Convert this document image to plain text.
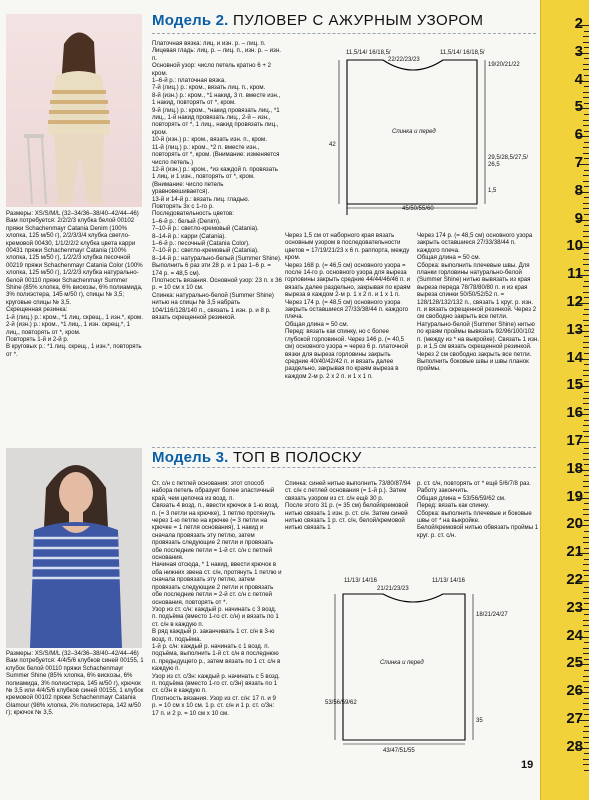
2
3
4
5
6
7
8
9
10
11
12
13
14
15
16
17
18
19
20
21
22
23
24
25
26
27
28
Модель 2. ПУЛОВЕР С АЖУРНЫМ УЗОРОМ
Размеры: XS/S/M/L (32–34/36–38/40–42/44–46)
Вам потребуется: 2/2/2/3 клубка белой 00102 пряжи Schachenmayr Catania Denim (100% хлопка, 125 м/50 г), 2/2/3/3/4 клубка светло-кремовой 00430, 1/1/2/2/2 клубка цвета карри 00431 пряжи Schachenmayr Catania (100% хлопка, 125 м/50 г), 1/2/2/3 клубка песочной 00219 пряжи Schachenmayr Catania Color (100% хлопка, 125 м/50 г), 1/2/2/3 клубка натурально-белой 00110 пряжи Schachenmayr Summer Shine (85% хлопка, 6% вискозы, 6% полиамида, 3% полиэстера, 145 м/50 г), спицы № 3,5; круговые спицы № 3,5.
Скрещенная резинка:
1-й (лиц.) р.: кром., *1 лиц. скрещ., 1 изн.*, кром.
2-й (изн.) р.: кром., *1 лиц., 1 изн. скрещ.*, 1 лиц., повторять от *, кром.
Повторять 1-й и 2-й р.
В круговых р.: *1 лиц. скрещ., 1 изн.*, повторять от *.
Платочная вязка: лиц. и изн. р. – лиц. п.
Лицевая гладь: лиц. р. – лиц. п., изн. р. – изн. п.
Основной узор: число петель кратно 6 + 2 кром.
1–6-й р.: платочная вязка.
7-й (лиц.) р.: кром., вязать лиц. п., кром.
8-й (изн.) р.: кром., *1 накид, 3 п. вместе изн., 1 накид, повторять от *, кром.
9-й (лиц.) р.: кром., *накид провязать лиц., *1 лиц., 1-й накид провязать лиц., 2-й – изн., повторять от *, 1 лиц., накид провязать лиц., кром.
10-й (изн.) р.: кром., вязать изн. п., кром.
11-й (лиц.) р.: кром., *2 п. вместе изн., повторять от *, кром. (Внимание: изменяется число петель.)
12-й (изн.) р.: кром., *из каждой п. провязать 1 лиц. и 1 изн., повторять от *, кром. (Внимание: число петель уравновешивается).
13-й и 14-й р.: вязать лиц. гладью.
Повторять 3х с 1-го р.
Последовательность цветов:
1–6-й р.: белый (Denim).
7–10-й р.: светло-кремовый (Catania).
8–14-й р.: карри (Catania).
1–6-й р.: песочный (Catania Color).
7–10-й р.: светло-кремовый (Catania).
8–14-й р.: натурально-белый (Summer Shine).
Выполнить 6 раз эти 28 р. и 1 раз 1–6 р. = 174 р. = 48,5 см).
Плотность вязания. Основной узор: 23 п. х 36 р. = 10 см х 10 см.
Спинка: натурально-белой (Summer Shine) нитью на спицы № 3,5 набрать 104/116/128/140 п., связать 1 изн. р. и 8 р. вязать скрещенной резинкой.
11,5/14/ 16/18,5/
22/22/23/23
11,5/14/ 16/18,5/
42
Спинка и перед
45/50/55/60
19/20/21/22
29,5/28,5/27,5/ 26,5
1,5
Через 1,5 см от наборного края вязать основным узором в последовательности цветов = 17/19/21/23 х 6 п. раппорта, между кром.
Через 168 р. (= 46,5 см) основного узора = после 14-го р. основного узора для выреза горловины закрыть средние 44/44/46/46 п. и вязать далее раздельно, закрывая по краям выреза в каждом 2-м р. 1 х 2 п. и 1 х 1 п.
Через 174 р. (= 48,5 см) основного узора закрыть оставшиеся 27/33/38/44 п. каждого плеча.
Общая длина = 50 см.
Перед: вязать как спинку, но с более глубокой горловиной. Через 146 р. (= 40,5 см) основного узора = через 6 р. платочной вязки для выреза горловины закрыть средние 40/40/42/42 п. и вязать далее раздельно, закрывая по краям выреза в каждом 2-м р. 2 х 2 п. и 1 х 1 п.
Через 174 р. (= 48,5 см) основного узора закрыть оставшиеся 27/33/38/44 п. каждого плеча.
Общая длина = 50 см.
Сборка: выполнить плечевые швы. Для планки горловины натурально-белой (Summer Shine) нитью вывязать из края выреза переда 78/78/80/80 п. и из края выреза спинки 50/50/52/52 п. = 128/128/132/132 п., связать 1 круг. р. изн. п. и вязать скрещенной резинкой. Через 2 см свободно закрыть все петли.
Натурально-белой (Summer Shine) нитью по краям проймы вывязать 92/96/100/102 п. (между из * на выкройке). Связать 1 изн. р. и 1,5 см вязать скрещенной резинкой. Через 2 см свободно закрыть все петли.
Выполнить боковые швы и швы планок проймы.
Модель 3. ТОП В ПОЛОСКУ
Размеры: XS/S/M/L (32–34/36–38/40–42/44–46)
Вам потребуется: 4/4/5/6 клубков синей 00155, 1 клубок белой 00110 пряжи Schachenmayr Summer Shine (85% хлопка, 6% вискозы, 6% полиамида, 3% полиэстера, 145 м/50 г), крючок № 3,5 или 4/4/5/6 клубков синей 00155, 1 клубок кремовой 00102 пряжи Schachenmayr Catania Glamour (98% хлопка, 2% полиэстера, 142 м/50 г); крючок № 3,5.
Ст. с/н с петлей основания: этот способ набора петель образует более эластичный край, чем цепочка из возд. п.
Связать 4 возд. п., ввести крючок в 1-ю возд. п. (= 3 петли на крючке), 1 петлю протянуть через 1-ю петлю на крючке (= 3 петли на крючке = 1 петля основания), 1 накид и сначала провязать эту петлю, затем провязать следующие 2 петли и провязать обе последние петли = 1-й ст. с/н с петлей основания.
Начиная отсюда, * 1 накид, ввести крючок в оба нижних звена ст. с/н, протянуть 1 петлю и сначала провязать эту петлю, затем провязать следующие 2 петли и провязать обе последние петли = 2-й ст. с/н с петлей основания, повторять от *.
Узор из ст. с/н: каждый р. начинать с 3 возд. п. подъёма (вместо 1-го ст. с/н) и вязать по 1 ст. с/н в каждую п.
В ряд каждый р. заканчивать 1 ст. с/н в 3-ю возд. п. подъёма.
1-й р. с/н: каждый р. начинать с 1 возд. п. подъёма, выполнить 1-й ст. с/н в последнюю п. предыдущего р., затем вязать по 1 ст. с/н в каждую п.
Узор из ст. с/3н: каждый р. начинать с 5 возд. п. подъёма (вместо 1-го ст. с/3н) вязать по 1 ст. с/3н в каждую п.
Плотность вязания. Узор из ст. с/н: 17 п. и 9 р. = 10 см х 10 см. 1 р. ст. с/н и 1 р. ст. с/3н: 17 п. и 2 р. = 10 см х 10 см.
Спинка: синей нитью выполнить 73/80/87/94 ст. с/н с петлей основания (= 1-й р.). Затем связать узором из ст. с/н ещё 30 р.
После этого 31 р. (= 35 см) белой/кремовой нитью связать 1 изн. р. ст. с/н. Затем синей нитью связать 1 р. ст. с/н, белой/кремовой нитью связать 1
р. ст. с/н, повторять от * ещё 5/6/7/8 раз. Работу закончить.
Общая длина = 53/56/59/62 см.
Перед: вязать как спинку.
Сборка: выполнить плечевые и боковые швы от * на выкройке.
Белой/кремовой нитью обвязать проймы 1 круг. р. ст. с/н.
11/13/ 14/16
21/21/23/23
11/13/ 14/16
Спинка и перед
53/56/59/62
18/21/24/27
35
43/47/51/55
19
